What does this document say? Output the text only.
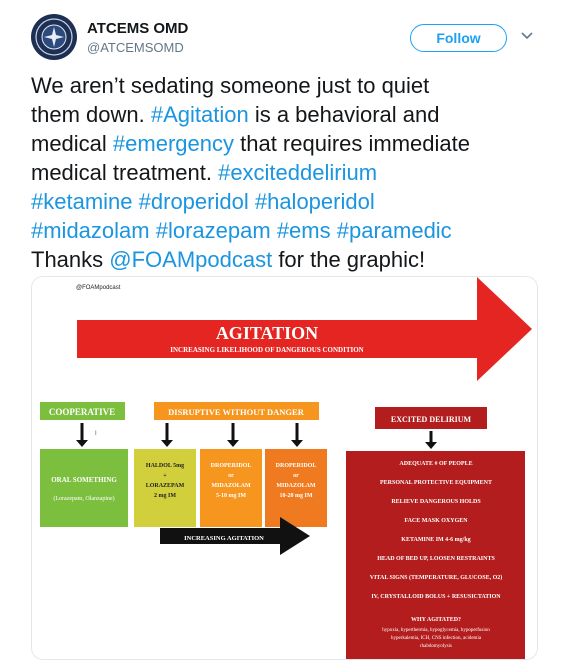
ATCEMS OMD
@ATCEMSOMD
Follow
We aren’t sedating someone just to quiet
them down. #Agitation is a behavioral and
medical #emergency that requires immediate
medical treatment. #exciteddelirium
#ketamine #droperidol #haloperidol
#midazolam #lorazepam #ems #paramedic
Thanks @FOAMpodcast for the graphic!
@FOAMpodcast
AGITATION
INCREASING LIKELIHOOD OF DANGEROUS CONDITION
COOPERATIVE
I
ORAL SOMETHING
(Lorazepam, Olanzapine)
DISRUPTIVE WITHOUT DANGER
HALDOL 5mg
+
LORAZEPAM
2 mg IM
DROPERIDOL
or
MIDAZOLAM
5-10 mg IM
DROPERIDOL
or
MIDAZOLAM
10-20 mg IM
INCREASING AGITATION
EXCITED DELIRIUM
ADEQUATE # OF PEOPLE
PERSONAL PROTECTIVE EQUIPMENT
RELIEVE DANGEROUS HOLDS
FACE MASK OXYGEN
KETAMINE IM 4-6 mg/kg
HEAD OF BED UP, LOOSEN RESTRAINTS
VITAL SIGNS (TEMPERATURE, GLUCOSE, O2)
IV, CRYSTALLOID BOLUS + RESUSICTATION
WHY AGITATED?
hypoxia, hyperthermia, hypoglycemia, hypoperfusion
hyperkalemia, ICH, CNS infection, acidemia
rhabdomyolysis
